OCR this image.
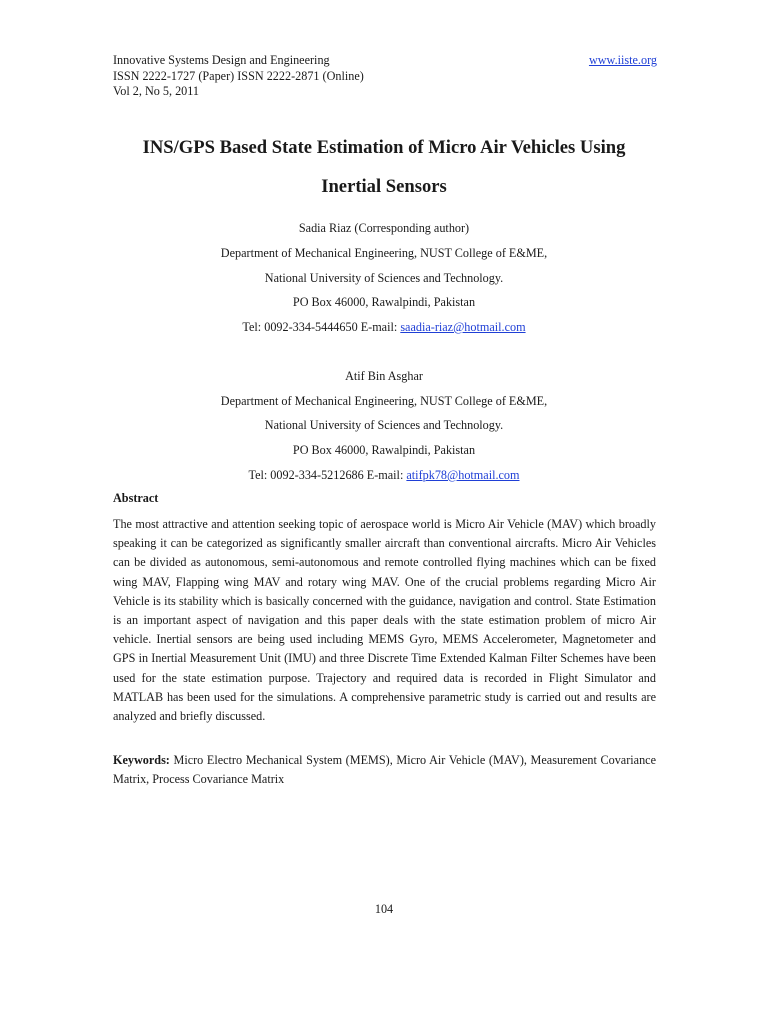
Innovative Systems Design and Engineering	www.iiste.org
ISSN 2222-1727 (Paper) ISSN 2222-2871 (Online)
Vol 2, No 5, 2011
INS/GPS Based State Estimation of Micro Air Vehicles Using
Inertial Sensors
Sadia Riaz (Corresponding author)
Department of Mechanical Engineering, NUST College of E&ME,
National University of Sciences and Technology.
PO Box 46000, Rawalpindi, Pakistan
Tel: 0092-334-5444650 E-mail: saadia-riaz@hotmail.com
Atif Bin Asghar
Department of Mechanical Engineering, NUST College of E&ME,
National University of Sciences and Technology.
PO Box 46000, Rawalpindi, Pakistan
Tel: 0092-334-5212686 E-mail: atifpk78@hotmail.com
Abstract
The most attractive and attention seeking topic of aerospace world is Micro Air Vehicle (MAV) which broadly speaking it can be categorized as significantly smaller aircraft than conventional aircrafts. Micro Air Vehicles can be divided as autonomous, semi-autonomous and remote controlled flying machines which can be fixed wing MAV, Flapping wing MAV and rotary wing MAV. One of the crucial problems regarding Micro Air Vehicle is its stability which is basically concerned with the guidance, navigation and control. State Estimation is an important aspect of navigation and this paper deals with the state estimation problem of micro Air vehicle. Inertial sensors are being used including MEMS Gyro, MEMS Accelerometer, Magnetometer and GPS in Inertial Measurement Unit (IMU) and three Discrete Time Extended Kalman Filter Schemes have been used for the state estimation purpose. Trajectory and required data is recorded in Flight Simulator and MATLAB has been used for the simulations. A comprehensive parametric study is carried out and results are analyzed and briefly discussed.
Keywords: Micro Electro Mechanical System (MEMS), Micro Air Vehicle (MAV), Measurement Covariance Matrix, Process Covariance Matrix
104
